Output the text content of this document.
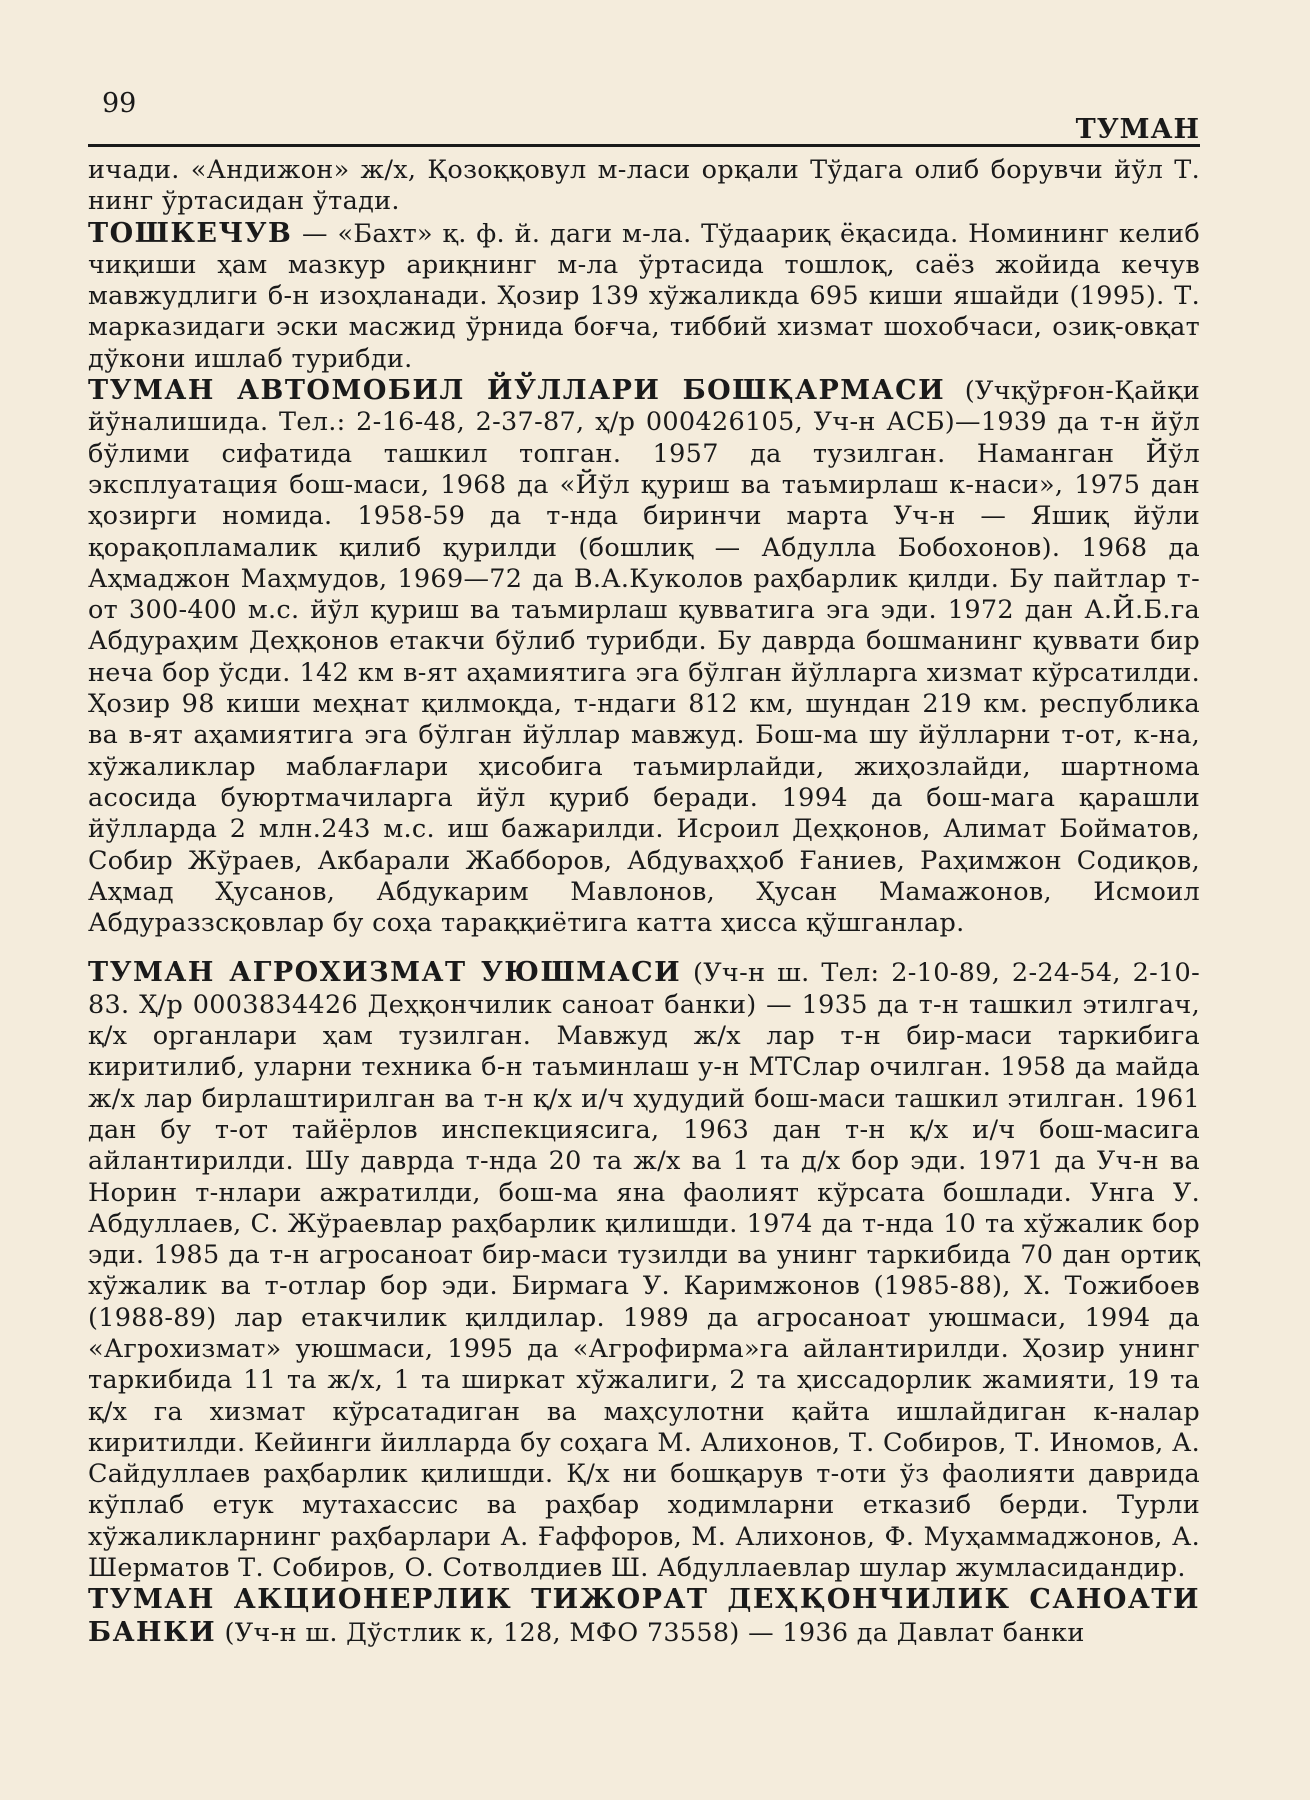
99
ТУМАН

ичади. «Андижон» ж/х, Қозоққовул м-ласи орқали Тўдага олиб борувчи йўл Т. нинг ўртасидан ўтади.

ТОШКЕЧУВ — «Бахт» қ. ф. й. даги м-ла. Тўдаариқ ёқасида. Номининг келиб чиқиши ҳам мазкур ариқнинг м-ла ўртасида тошлоқ, саёз жойида кечув мавжудлиги б-н изоҳланади. Ҳозир 139 хўжаликда 695 киши яшайди (1995). Т. марказидаги эски масжид ўрнида боғча, тиббий хизмат шохобчаси, озиқ-овқат дўкони ишлаб турибди.

ТУМАН АВТОМОБИЛ ЙЎЛЛАРИ БОШҚАРМАСИ (Учқўрғон-Қайқи йўналишида. Тел.: 2-16-48, 2-37-87, ҳ/р 000426105, Уч-н АСБ)—1939 да т-н йўл бўлими сифатида ташкил топган. 1957 да тузилган. Наманган Йўл эксплуатация бош-маси, 1968 да «Йўл қуриш ва таъмирлаш к-наси», 1975 дан ҳозирги номида. 1958-59 да т-нда биринчи марта Уч-н — Яшиқ йўли қорақопламалик қилиб қурилди (бошлиқ — Абдулла Бобохонов). 1968 да Аҳмаджон Маҳмудов, 1969—72 да В.А.Куколов раҳбарлик қилди. Бу пайтлар т-от 300-400 м.с. йўл қуриш ва таъмирлаш қувватига эга эди. 1972 дан А.Й.Б.га Абдураҳим Деҳқонов етакчи бўлиб турибди. Бу даврда бошманинг қуввати бир неча бор ўсди. 142 км в-ят аҳамиятига эга бўлган йўлларга хизмат кўрсатилди. Ҳозир 98 киши меҳнат қилмоқда, т-ндаги 812 км, шундан 219 км. республика ва в-ят аҳамиятига эга бўлган йўллар мавжуд. Бош-ма шу йўлларни т-от, к-на, хўжаликлар маблағлари ҳисобига таъмирлайди, жиҳозлайди, шартнома асосида буюртмачиларга йўл қуриб беради. 1994 да бош-мага қарашли йўлларда 2 млн.243 м.с. иш бажарилди. Исроил Деҳқонов, Алимат Бойматов, Собир Жўраев, Акбарали Жабборов, Абдуваҳҳоб Ғаниев, Раҳимжон Содиқов, Аҳмад Ҳусанов, Абдукарим Мавлонов, Ҳусан Мамажонов, Исмоил Абдураззсқовлар бу соҳа тараққиётига катта ҳисса қўшганлар.

ТУМАН АГРОХИЗМАТ УЮШМАСИ (Уч-н ш. Тел: 2-10-89, 2-24-54, 2-10-83. Ҳ/р 0003834426 Деҳқончилик саноат банки) — 1935 да т-н ташкил этилгач, қ/х органлари ҳам тузилган. Мавжуд ж/х лар т-н бир-маси таркибига киритилиб, уларни техника б-н таъминлаш у-н МТСлар очилган. 1958 да майда ж/х лар бирлаштирилган ва т-н қ/х и/ч ҳудудий бош-маси ташкил этилган. 1961 дан бу т-от тайёрлов инспекциясига, 1963 дан т-н қ/х и/ч бош-масига айлантирилди. Шу даврда т-нда 20 та ж/х ва 1 та д/х бор эди. 1971 да Уч-н ва Норин т-нлари ажратилди, бош-ма яна фаолият кўрсата бошлади. Унга У. Абдуллаев, С. Жўраевлар раҳбарлик қилишди. 1974 да т-нда 10 та хўжалик бор эди. 1985 да т-н агросаноат бир-маси тузилди ва унинг таркибида 70 дан ортиқ хўжалик ва т-отлар бор эди. Бирмага У. Каримжонов (1985-88), Х. Тожибоев (1988-89) лар етакчилик қилдилар. 1989 да агросаноат уюшмаси, 1994 да «Агрохизмат» уюшмаси, 1995 да «Агрофирма»га айлантирилди. Ҳозир унинг таркибида 11 та ж/х, 1 та ширкат хўжалиги, 2 та ҳиссадорлик жамияти, 19 та қ/х га хизмат кўрсатадиган ва маҳсулотни қайта ишлайдиган к-налар киритилди. Кейинги йилларда бу соҳага М. Алихонов, Т. Собиров, Т. Иномов, А. Сайдуллаев раҳбарлик қилишди. Қ/х ни бошқарув т-оти ўз фаолияти даврида кўплаб етук мутахассис ва раҳбар ходимларни етказиб берди. Турли хўжаликларнинг раҳбарлари А. Ғаффоров, М. Алихонов, Ф. Муҳаммаджонов, А. Шерматов Т. Собиров, О. Сотволдиев Ш. Абдуллаевлар шулар жумласидандир.

ТУМАН АКЦИОНЕРЛИК ТИЖОРАТ ДЕҲҚОНЧИЛИК САНОАТИ БАНКИ (Уч-н ш. Дўстлик к, 128, МФО 73558) — 1936 да Давлат банки
